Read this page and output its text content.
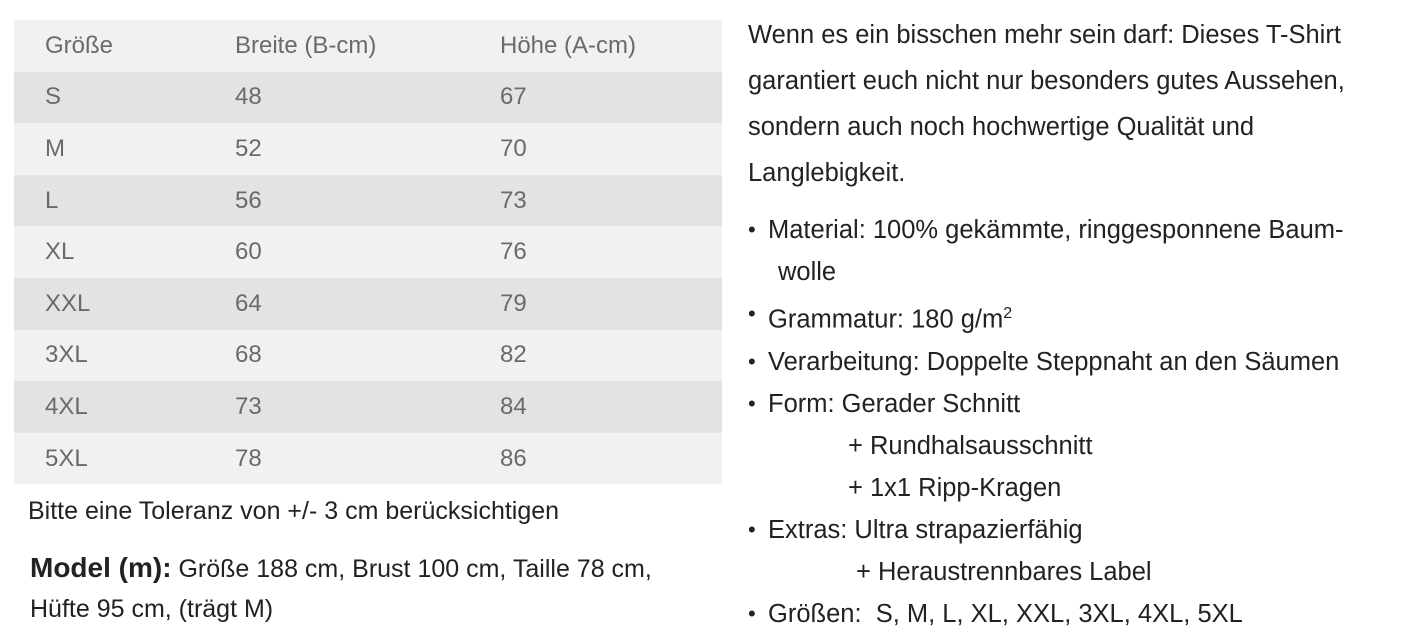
Größe	Breite (B-cm)	Höhe (A-cm)
S	48	67
M	52	70
L	56	73
XL	60	76
XXL	64	79
3XL	68	82
4XL	73	84
5XL	78	86
Bitte eine Toleranz von +/- 3 cm berücksichtigen
Model (m): Größe 188 cm, Brust 100 cm, Taille 78 cm,
Hüfte 95 cm, (trägt M)

Wenn es ein bisschen mehr sein darf: Dieses T-Shirt
garantiert euch nicht nur besonders gutes Aussehen,
sondern auch noch hochwertige Qualität und
Langlebigkeit.

• Material: 100% gekämmte, ringgesponnene Baum-
wolle
• Grammatur: 180 $g/m^2$
• Verarbeitung: Doppelte Steppnaht an den Säumen
• Form: Gerader Schnitt
+ Rundhalsausschnitt
+ 1x1 Ripp-Kragen
• Extras: Ultra strapazierfähig
+ Heraustrennbares Label
• Größen:  S, M, L, XL, XXL, 3XL, 4XL, 5XL
